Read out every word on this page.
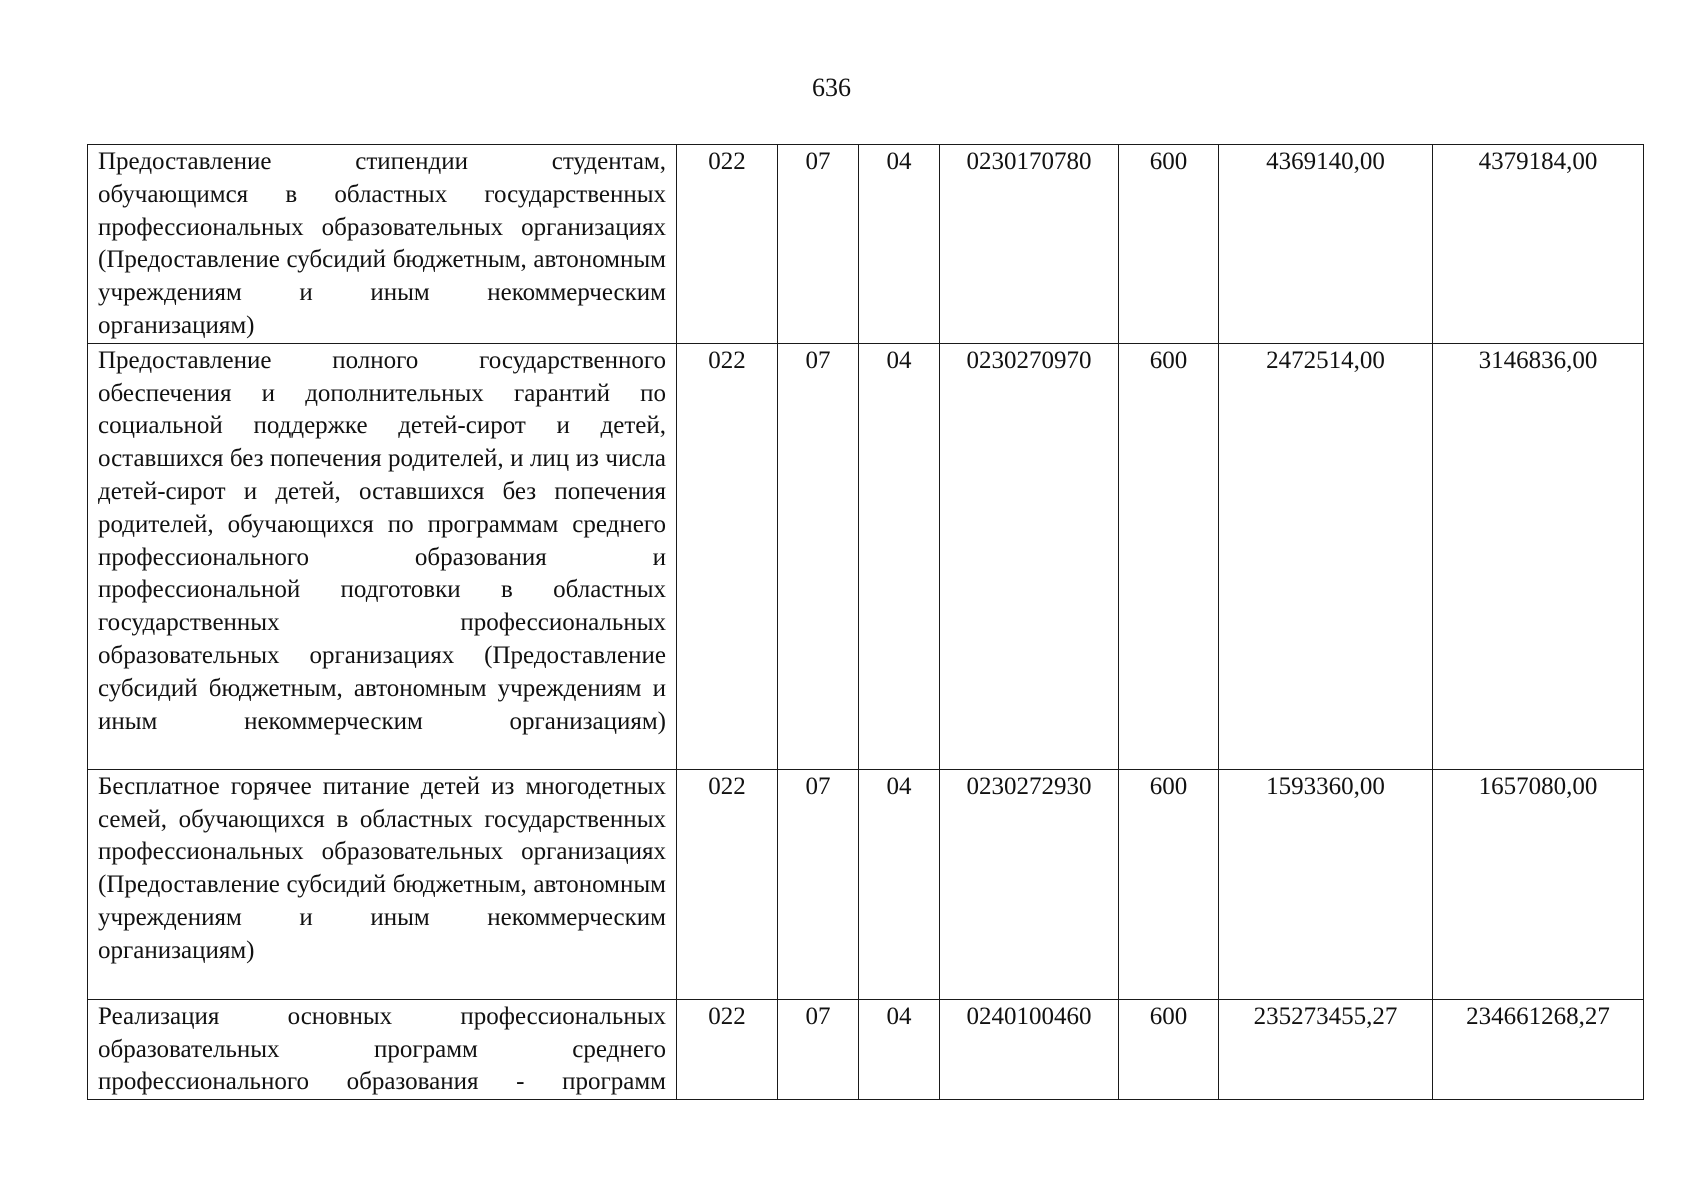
636
Предоставление стипендии студентам, обучающимся в областных государственных профессиональных образовательных организациях (Предоставление субсидий бюджетным, автономным учреждениям и иным некоммерческим организациям)	022	07	04	0230170780	600	4369140,00	4379184,00

Предоставление полного государственного обеспечения и дополнительных гарантий по социальной поддержке детей-сирот и детей, оставшихся без попечения родителей, и лиц из числа детей-сирот и детей, оставшихся без попечения родителей, обучающихся по программам среднего профессионального образования и профессиональной подготовки в областных государственных профессиональных образовательных организациях (Предоставление субсидий бюджетным, автономным учреждениям и иным некоммерческим организациям)	022	07	04	0230270970	600	2472514,00	3146836,00

Бесплатное горячее питание детей из многодетных семей, обучающихся в областных государственных профессиональных образовательных организациях (Предоставление субсидий бюджетным, автономным учреждениям и иным некоммерческим организациям)	022	07	04	0230272930	600	1593360,00	1657080,00

Реализация основных профессиональных образовательных программ среднего профессионального образования - программ	022	07	04	0240100460	600	235273455,27	234661268,27
